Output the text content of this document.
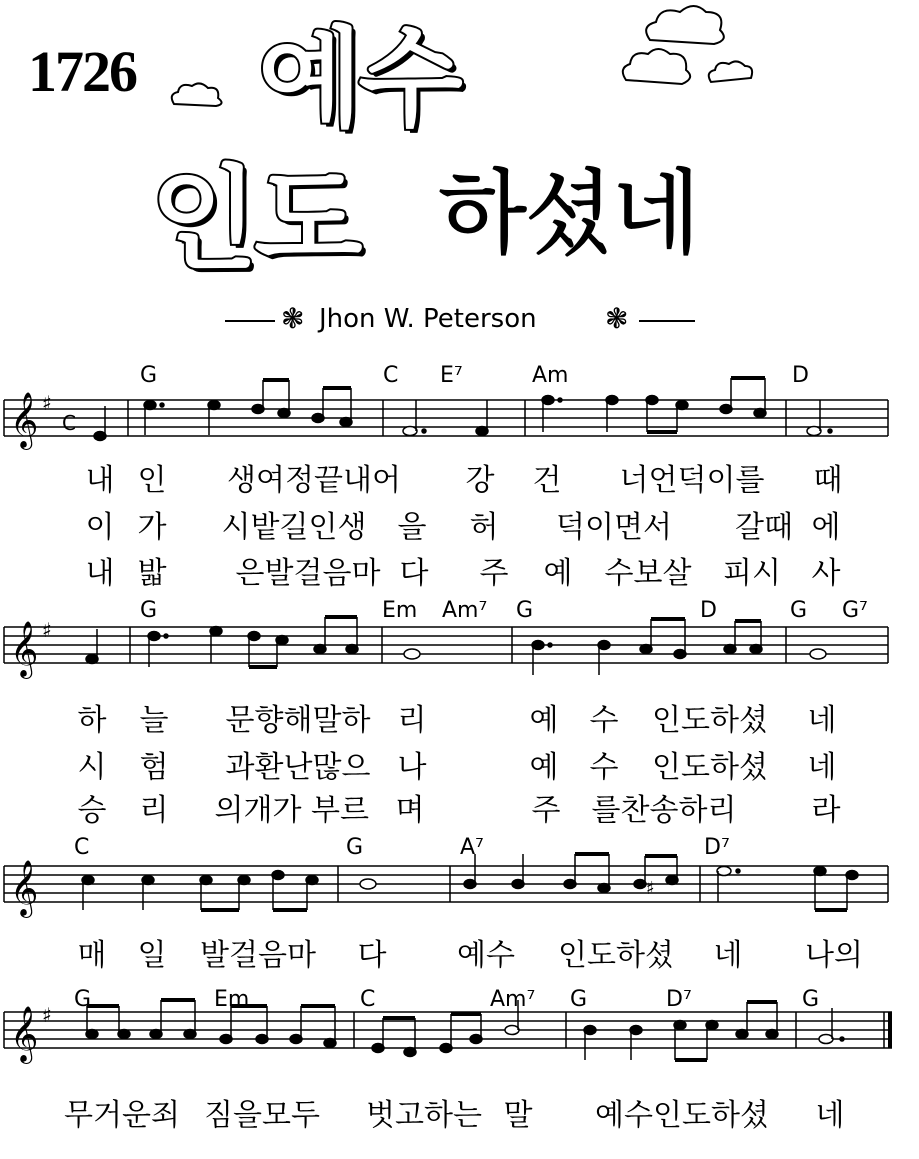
1726 예수
인도 하셨네
❃ Jhon W. Peterson ❃
𝄞 ♯
C
G	C E⁷	Am	D
내 인 생여정끝내어 강 건 너언덕이를 때
이 가 시밭길인생 을 허 덕이면서 갈때 에
내 밟 은발걸음마 다 주 예 수보살 피시 사
𝄞 ♯
G	Em Am⁷ G	D	G G⁷
하 늘 문향해말하 리	예 수 인도하셨 네
시 험 과환난많으 나	예 수 인도하셨 네
승 리 의개가 부르 며	주 를찬송하리	라
𝄞	♯
C	G	A⁷	D⁷
매 일 발걸음마 다 예수 인도하셨 네 나의
𝄞 ♯
G	Em	C	Am⁷ G	D⁷	G
무거운죄 짐을모두 벗고하는 말 예수인도하셨 네
